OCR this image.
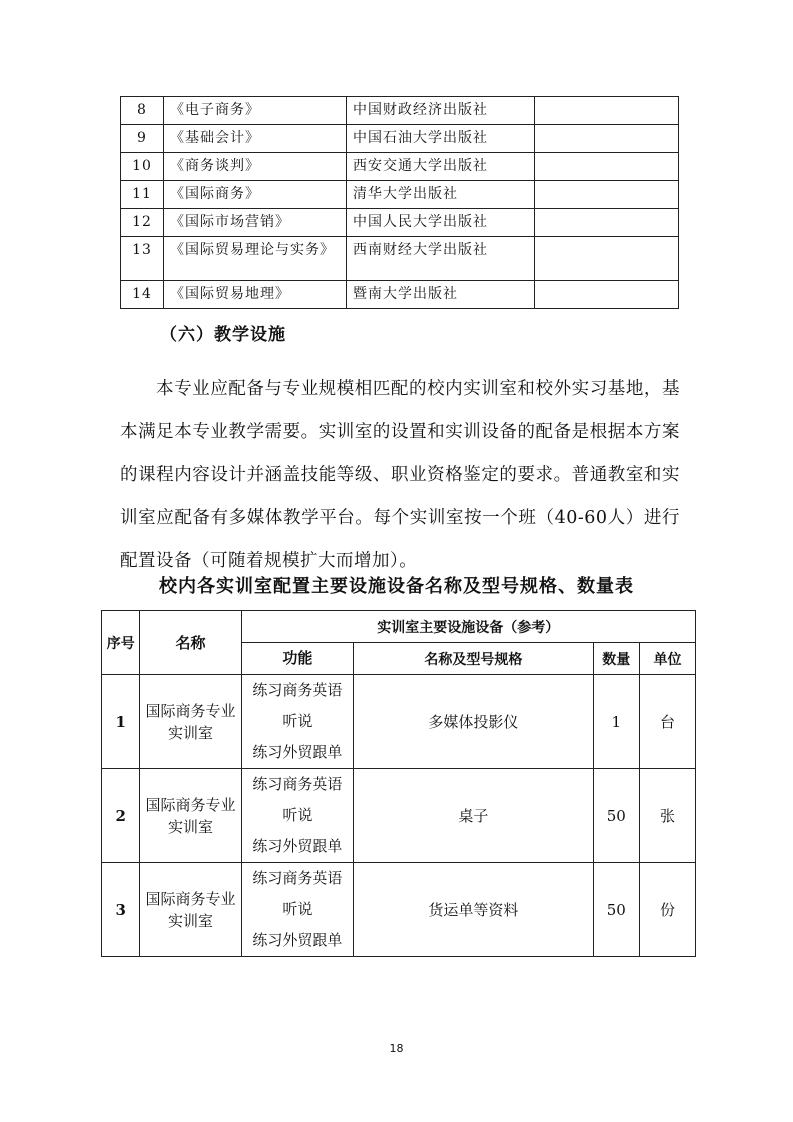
8	《电子商务》	中国财政经济出版社	
9	《基础会计》	中国石油大学出版社	
10	《商务谈判》	西安交通大学出版社	
11	《国际商务》	清华大学出版社	
12	《国际市场营销》	中国人民大学出版社	
13	《国际贸易理论与实务》	西南财经大学出版社	
14	《国际贸易地理》	暨南大学出版社	
（六）教学设施

本专业应配备与专业规模相匹配的校内实训室和校外实习基地，基本满足本专业教学需要。实训室的设置和实训设备的配备是根据本方案的课程内容设计并涵盖技能等级、职业资格鉴定的要求。普通教室和实训室应配备有多媒体教学平台。每个实训室按一个班（40-60人）进行配置设备（可随着规模扩大而增加）。

校内各实训室配置主要设施设备名称及型号规格、数量表
序号	名称	实训室主要设施设备（参考）			
		功能	名称及型号规格	数量	单位
1	国际商务专业实训室	练习商务英语
听说
练习外贸跟单	多媒体投影仪	1	台
2	国际商务专业实训室	练习商务英语
听说
练习外贸跟单	桌子	50	张
3	国际商务专业实训室	练习商务英语
听说
练习外贸跟单	货运单等资料	50	份
18
